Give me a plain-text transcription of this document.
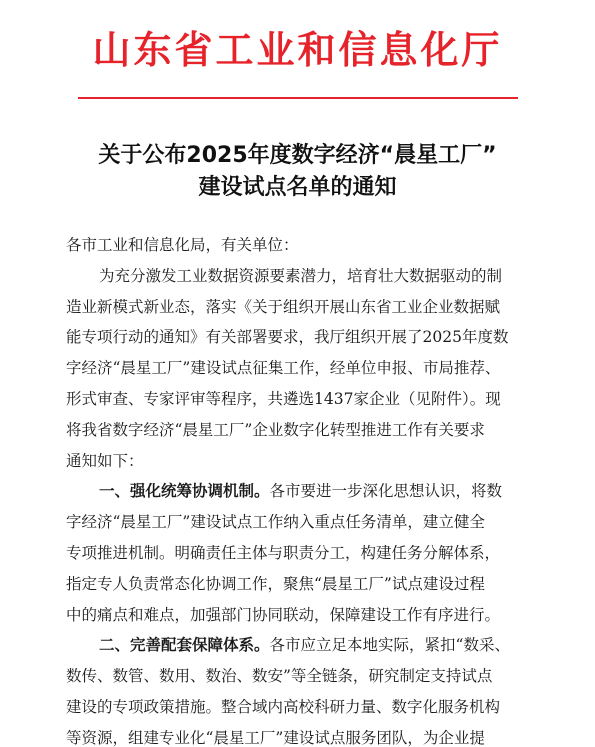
山东省工业和信息化厅
关于公布2025年度数字经济“晨星工厂”
建设试点名单的通知
各市工业和信息化局，有关单位：
为充分激发工业数据资源要素潜力，培育壮大数据驱动的制
造业新模式新业态，落实《关于组织开展山东省工业企业数据赋
能专项行动的通知》有关部署要求，我厅组织开展了2025年度数
字经济“晨星工厂”建设试点征集工作，经单位申报、市局推荐、
形式审查、专家评审等程序，共遴选1437家企业（见附件）。现
将我省数字经济“晨星工厂”企业数字化转型推进工作有关要求
通知如下：
一、强化统筹协调机制。各市要进一步深化思想认识，将数
字经济“晨星工厂”建设试点工作纳入重点任务清单，建立健全
专项推进机制。明确责任主体与职责分工，构建任务分解体系，
指定专人负责常态化协调工作，聚焦“晨星工厂”试点建设过程
中的痛点和难点，加强部门协同联动，保障建设工作有序进行。
二、完善配套保障体系。各市应立足本地实际，紧扣“数采、
数传、数管、数用、数治、数安”等全链条，研究制定支持试点
建设的专项政策措施。整合域内高校科研力量、数字化服务机构
等资源，组建专业化“晨星工厂”建设试点服务团队，为企业提
